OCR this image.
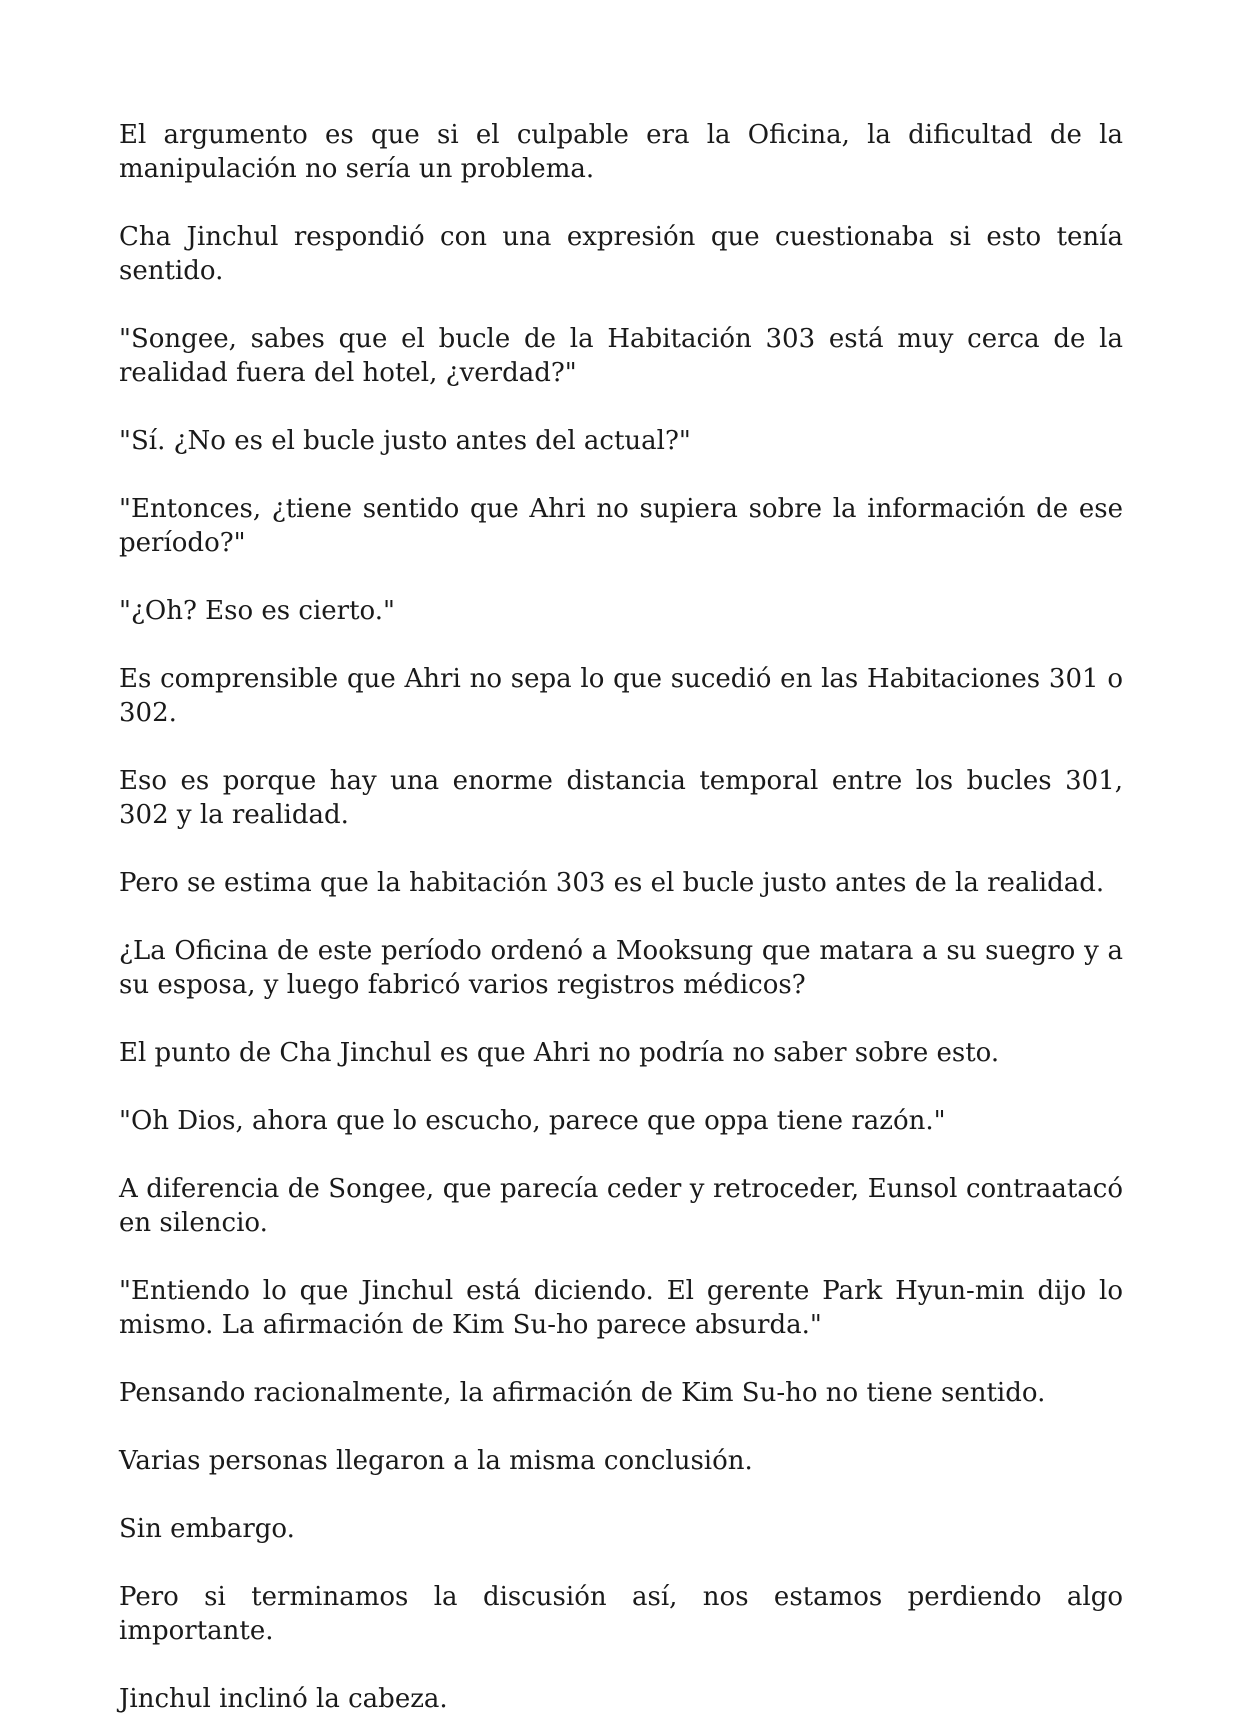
El argumento es que si el culpable era la Oficina, la dificultad de la manipulación no sería un problema.

Cha Jinchul respondió con una expresión que cuestionaba si esto tenía sentido.

"Songee, sabes que el bucle de la Habitación 303 está muy cerca de la realidad fuera del hotel, ¿verdad?"

"Sí. ¿No es el bucle justo antes del actual?"

"Entonces, ¿tiene sentido que Ahri no supiera sobre la información de ese período?"

"¿Oh? Eso es cierto."

Es comprensible que Ahri no sepa lo que sucedió en las Habitaciones 301 o 302.

Eso es porque hay una enorme distancia temporal entre los bucles 301, 302 y la realidad.

Pero se estima que la habitación 303 es el bucle justo antes de la realidad.

¿La Oficina de este período ordenó a Mooksung que matara a su suegro y a su esposa, y luego fabricó varios registros médicos?

El punto de Cha Jinchul es que Ahri no podría no saber sobre esto.

"Oh Dios, ahora que lo escucho, parece que oppa tiene razón."

A diferencia de Songee, que parecía ceder y retroceder, Eunsol contraatacó en silencio.

"Entiendo lo que Jinchul está diciendo. El gerente Park Hyun-min dijo lo mismo. La afirmación de Kim Su-ho parece absurda."

Pensando racionalmente, la afirmación de Kim Su-ho no tiene sentido.

Varias personas llegaron a la misma conclusión.

Sin embargo.

Pero si terminamos la discusión así, nos estamos perdiendo algo importante.

Jinchul inclinó la cabeza.
